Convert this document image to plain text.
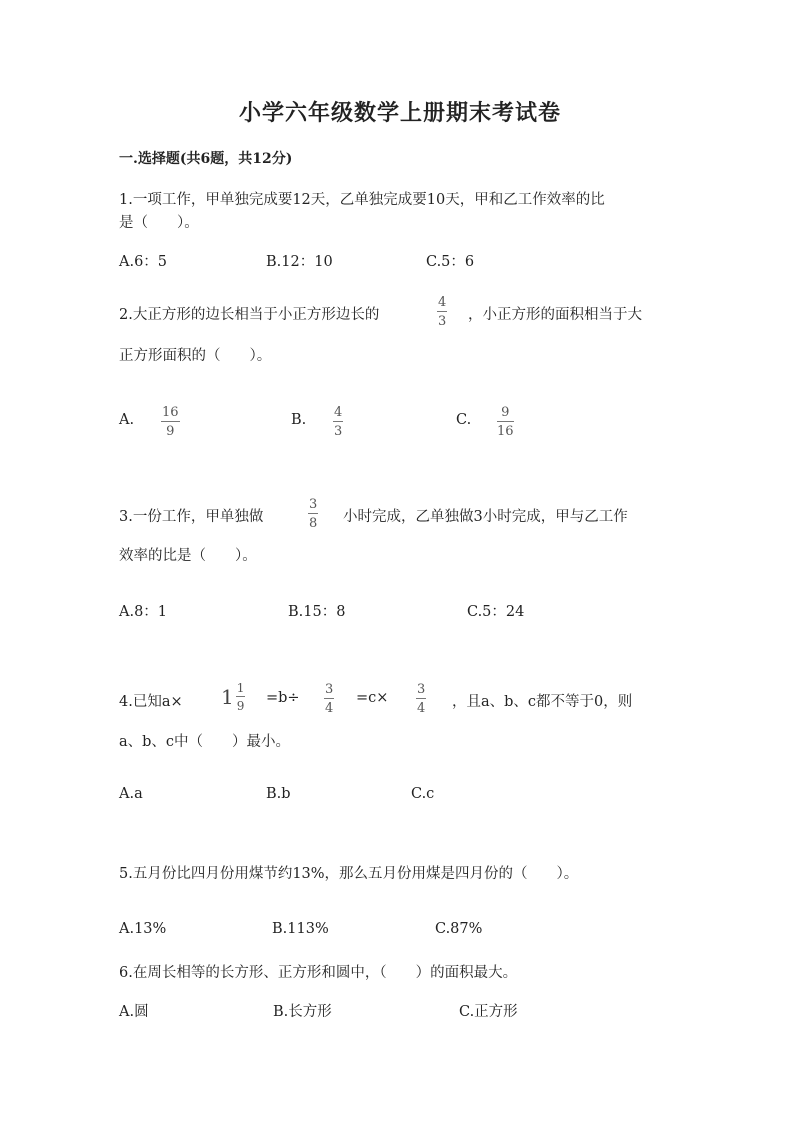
小学六年级数学上册期末考试卷
一.选择题(共6题，共12分)
1.一项工作，甲单独完成要12天，乙单独完成要10天，甲和乙工作效率的比
是（　　）。
A.6：5	B.12：10	C.5：6
2.大正方形的边长相当于小正方形边长的
4
3 ，小正方形的面积相当于大
正方形面积的（　　）。
A. 16
9
B. 4
3
C. 9
16
3.一份工作，甲单独做
3
8 小时完成，乙单独做3小时完成，甲与乙工作
效率的比是（　　）。
A.8：1	B.15：8	C.5：24
4.已知$a\times 1 \frac{1}{9} =b\div$
3
4
=c×
3
4 ，且a、b、c都不等于0，则
a、b、c中（　　）最小。
A.a	B.b	C.c
5.五月份比四月份用煤节约13%，那么五月份用煤是四月份的（　　）。
A.13%	B.113%	C.87%
6.在周长相等的长方形、正方形和圆中，（　　）的面积最大。
A.圆	B.长方形	C.正方形
